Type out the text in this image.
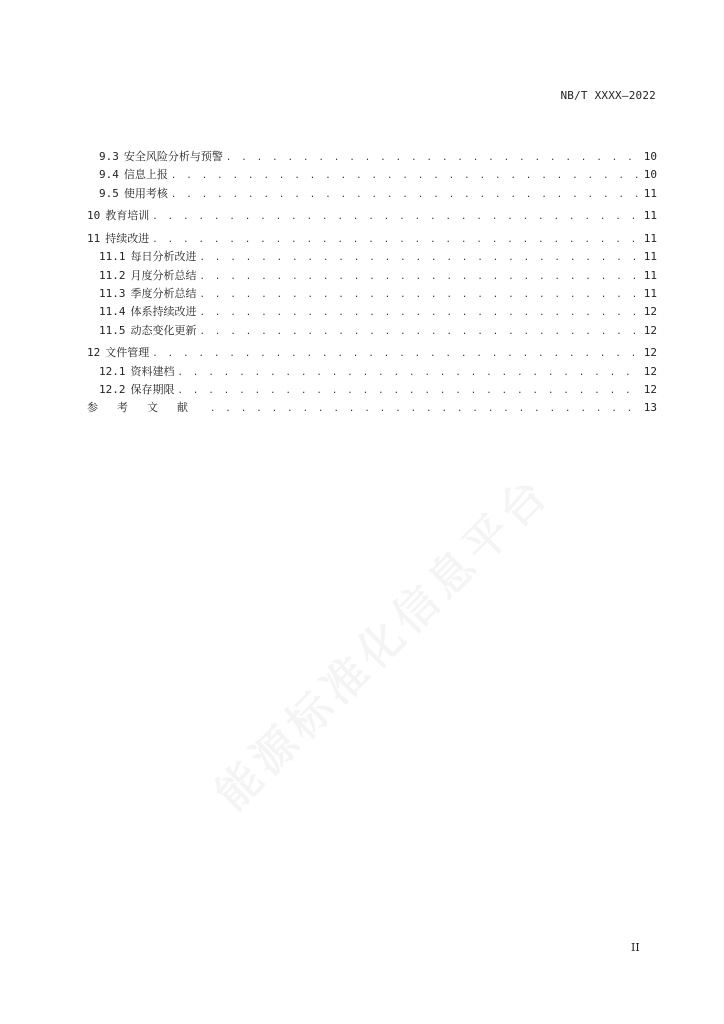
NB/T XXXX—2022
9.3 安全风险分析与预警 . . .	10
9.4 信息上报 . . .	10
9.5 使用考核 . . .	11
10 教育培训 . . .	11
11 持续改进 . . .	11
11.1 每日分析改进 . . .	11
11.2 月度分析总结 . . .	11
11.3 季度分析总结 . . .	11
11.4 体系持续改进 . . .	12
11.5 动态变化更新 . . .	12
12 文件管理 . . .	12
12.1 资料建档 . . .	12
12.2 保存期限 . . .	12
参考文献 . . .	13
II
